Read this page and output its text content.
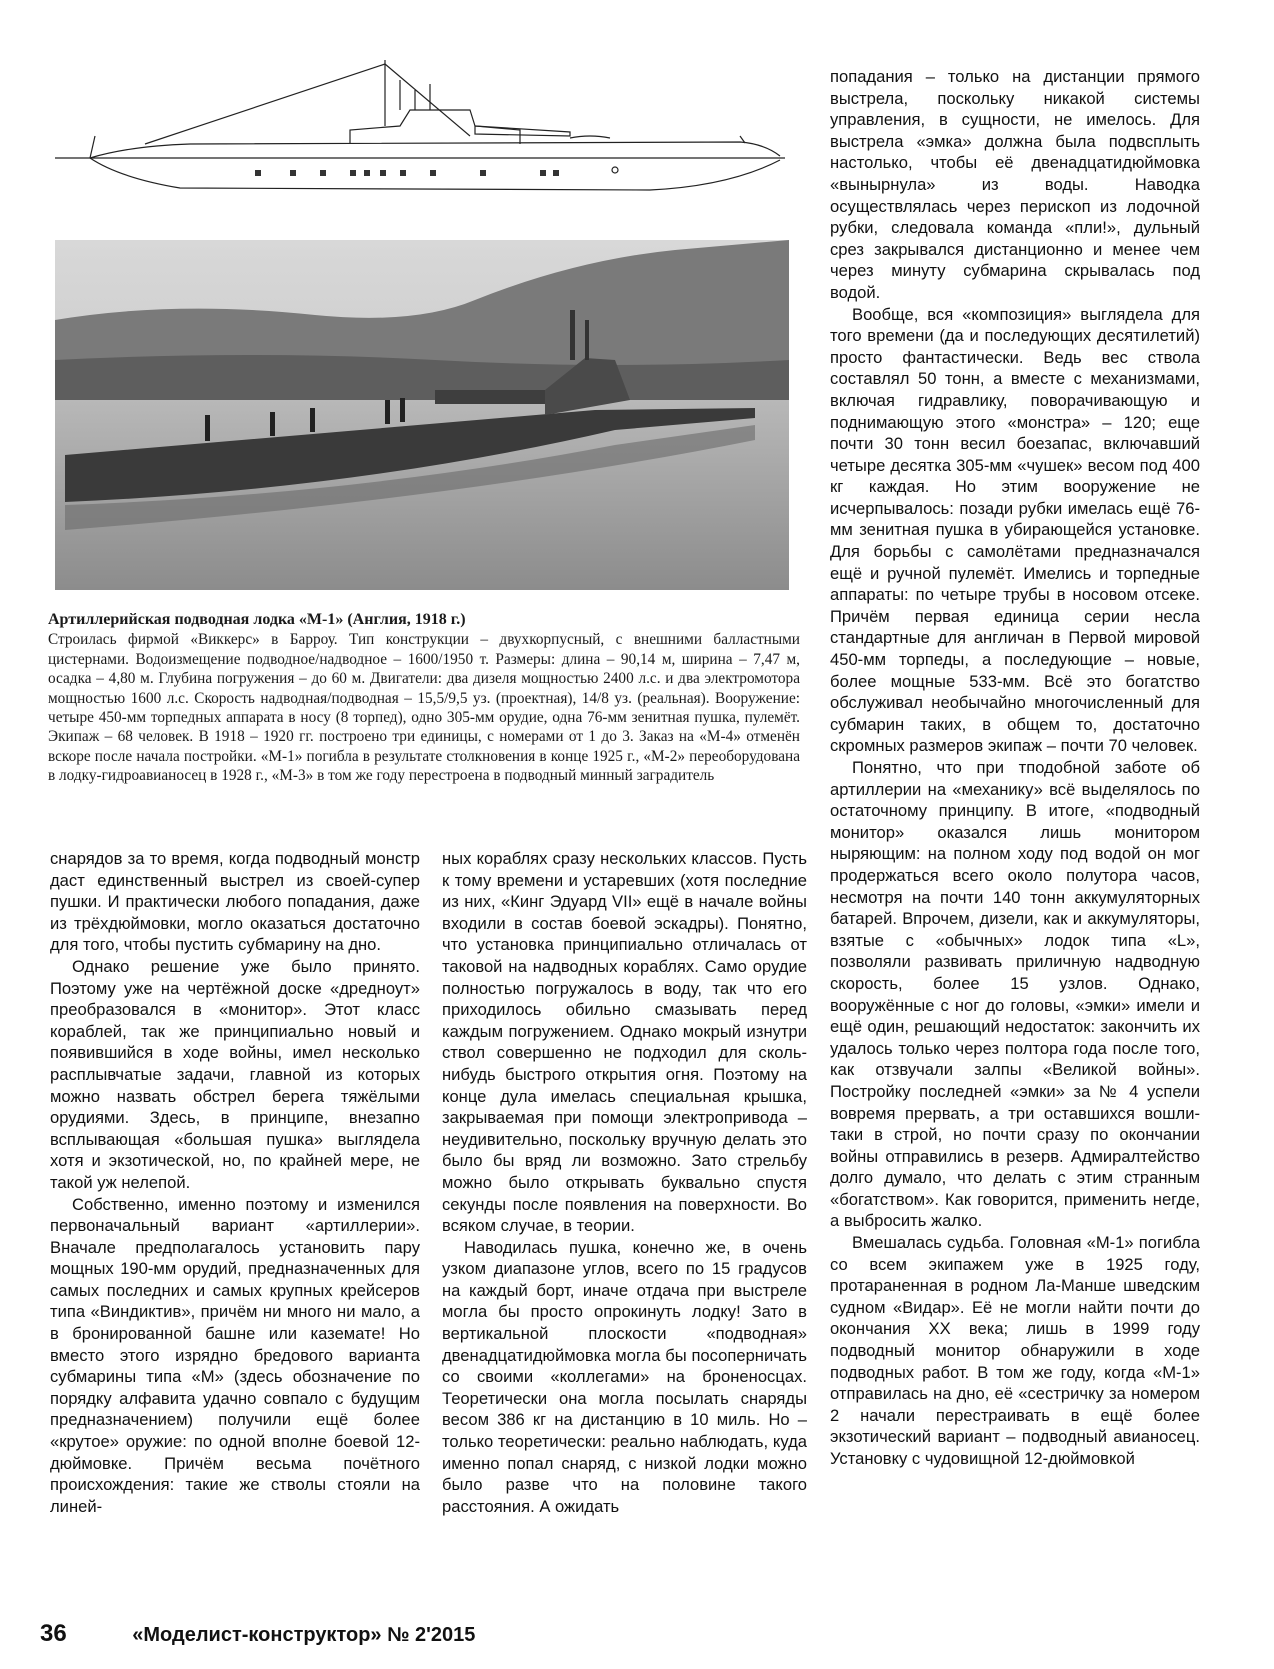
Артиллерийская подводная лодка «М-1» (Англия, 1918 г.)
Строилась фирмой «Виккерс» в Барроу. Тип конструкции – двухкорпусный, с внешними балластными цистернами. Водоизмещение подводное/надводное – 1600/1950 т. Размеры: длина – 90,14 м, ширина – 7,47 м, осадка – 4,80 м. Глубина погружения – до 60 м. Двигатели: два дизеля мощностью 2400 л.с. и два электромотора мощностью 1600 л.с. Скорость надводная/подводная – 15,5/9,5 уз. (проектная), 14/8 уз. (реальная). Вооружение: четыре 450-мм торпедных аппарата в носу (8 торпед), одно 305-мм орудие, одна 76-мм зенитная пушка, пулемёт. Экипаж – 68 человек. В 1918 – 1920 гг. построено три единицы, с номерами от 1 до 3. Заказ на «М-4» отменён вскоре после начала постройки. «М-1» погибла в результате столкновения в конце 1925 г., «М-2» переоборудована в лодку-гидроавианосец в 1928 г., «М-3» в том же году перестроена в подводный минный заградитель

снарядов за то время, когда подводный монстр даст единственный выстрел из своей-супер пушки. И практически любого попадания, даже из трёхдюймовки, могло оказаться достаточно для того, чтобы пустить субмарину на дно.

Однако решение уже было принято. Поэтому уже на чертёжной доске «дредноут» преобразовался в «монитор». Этот класс кораблей, так же принципиально новый и появившийся в ходе войны, имел несколько расплывчатые задачи, главной из которых можно назвать обстрел берега тяжёлыми орудиями. Здесь, в принципе, внезапно всплывающая «большая пушка» выглядела хотя и экзотической, но, по крайней мере, не такой уж нелепой.

Собственно, именно поэтому и изменился первоначальный вариант «артиллерии». Вначале предполагалось установить пару мощных 190-мм орудий, предназначенных для самых последних и самых крупных крейсеров типа «Виндиктив», причём ни много ни мало, а в бронированной башне или каземате! Но вместо этого изрядно бредового варианта субмарины типа «М» (здесь обозначение по порядку алфавита удачно совпало с будущим предназначением) получили ещё более «крутое» оружие: по одной вполне боевой 12-дюймовке. Причём весьма почётного происхождения: такие же стволы стояли на линей-

ных кораблях сразу нескольких классов. Пусть к тому времени и устаревших (хотя последние из них, «Кинг Эдуард VII» ещё в начале войны входили в состав боевой эскадры). Понятно, что установка принципиально отличалась от таковой на надводных кораблях. Само орудие полностью погружалось в воду, так что его приходилось обильно смазывать перед каждым погружением. Однако мокрый изнутри ствол совершенно не подходил для сколь-нибудь быстрого открытия огня. Поэтому на конце дула имелась специальная крышка, закрываемая при помощи электропривода – неудивительно, поскольку вручную делать это было бы вряд ли возможно. Зато стрельбу можно было открывать буквально спустя секунды после появления на поверхности. Во всяком случае, в теории.

Наводилась пушка, конечно же, в очень узком диапазоне углов, всего по 15 градусов на каждый борт, иначе отдача при выстреле могла бы просто опрокинуть лодку! Зато в вертикальной плоскости «подводная» двенадцатидюймовка могла бы посоперничать со своими «коллегами» на броненосцах. Теоретически она могла посылать снаряды весом 386 кг на дистанцию в 10 миль. Но – только теоретически: реально наблюдать, куда именно попал снаряд, с низкой лодки можно было разве что на половине такого расстояния. А ожидать

попадания – только на дистанции прямого выстрела, поскольку никакой системы управления, в сущности, не имелось. Для выстрела «эмка» должна была подвсплыть настолько, чтобы её двенадцатидюймовка «вынырнула» из воды. Наводка осуществлялась через перископ из лодочной рубки, следовала команда «пли!», дульный срез закрывался дистанционно и менее чем через минуту субмарина скрывалась под водой.

Вообще, вся «композиция» выглядела для того времени (да и последующих десятилетий) просто фантастически. Ведь вес ствола составлял 50 тонн, а вместе с механизмами, включая гидравлику, поворачивающую и поднимающую этого «монстра» – 120; еще почти 30 тонн весил боезапас, включавший четыре десятка 305-мм «чушек» весом под 400 кг каждая. Но этим вооружение не исчерпывалось: позади рубки имелась ещё 76-мм зенитная пушка в убирающейся установке. Для борьбы с самолётами предназначался ещё и ручной пулемёт. Имелись и торпедные аппараты: по четыре трубы в носовом отсеке. Причём первая единица серии несла стандартные для англичан в Первой мировой 450-мм торпеды, а последующие – новые, более мощные 533-мм. Всё это богатство обслуживал необычайно многочисленный для субмарин таких, в общем то, достаточно скромных размеров экипаж – почти 70 человек.

Понятно, что при тподобной заботе об артиллерии на «механику» всё выделялось по остаточному принципу. В итоге, «подводный монитор» оказался лишь монитором ныряющим: на полном ходу под водой он мог продержаться всего около полутора часов, несмотря на почти 140 тонн аккумуляторных батарей. Впрочем, дизели, как и аккумуляторы, взятые с «обычных» лодок типа «L», позволяли развивать приличную надводную скорость, более 15 узлов. Однако, вооружённые с ног до головы, «эмки» имели и ещё один, решающий недостаток: закончить их удалось только через полтора года после того, как отзвучали залпы «Великой войны». Постройку последней «эмки» за № 4 успели вовремя прервать, а три оставшихся вошли-таки в строй, но почти сразу по окончании войны отправились в резерв. Адмиралтейство долго думало, что делать с этим странным «богатством». Как говорится, применить негде, а выбросить жалко.

Вмешалась судьба. Головная «М-1» погибла со всем экипажем уже в 1925 году, протараненная в родном Ла-Манше шведским судном «Видар». Её не могли найти почти до окончания XX века; лишь в 1999 году подводный монитор обнаружили в ходе подводных работ. В том же году, когда «М-1» отправилась на дно, её «сестричку за номером 2 начали перестраивать в ещё более экзотический вариант – подводный авианосец. Установку с чудовищной 12-дюймовкой

36	«Моделист-конструктор» № 2'2015
